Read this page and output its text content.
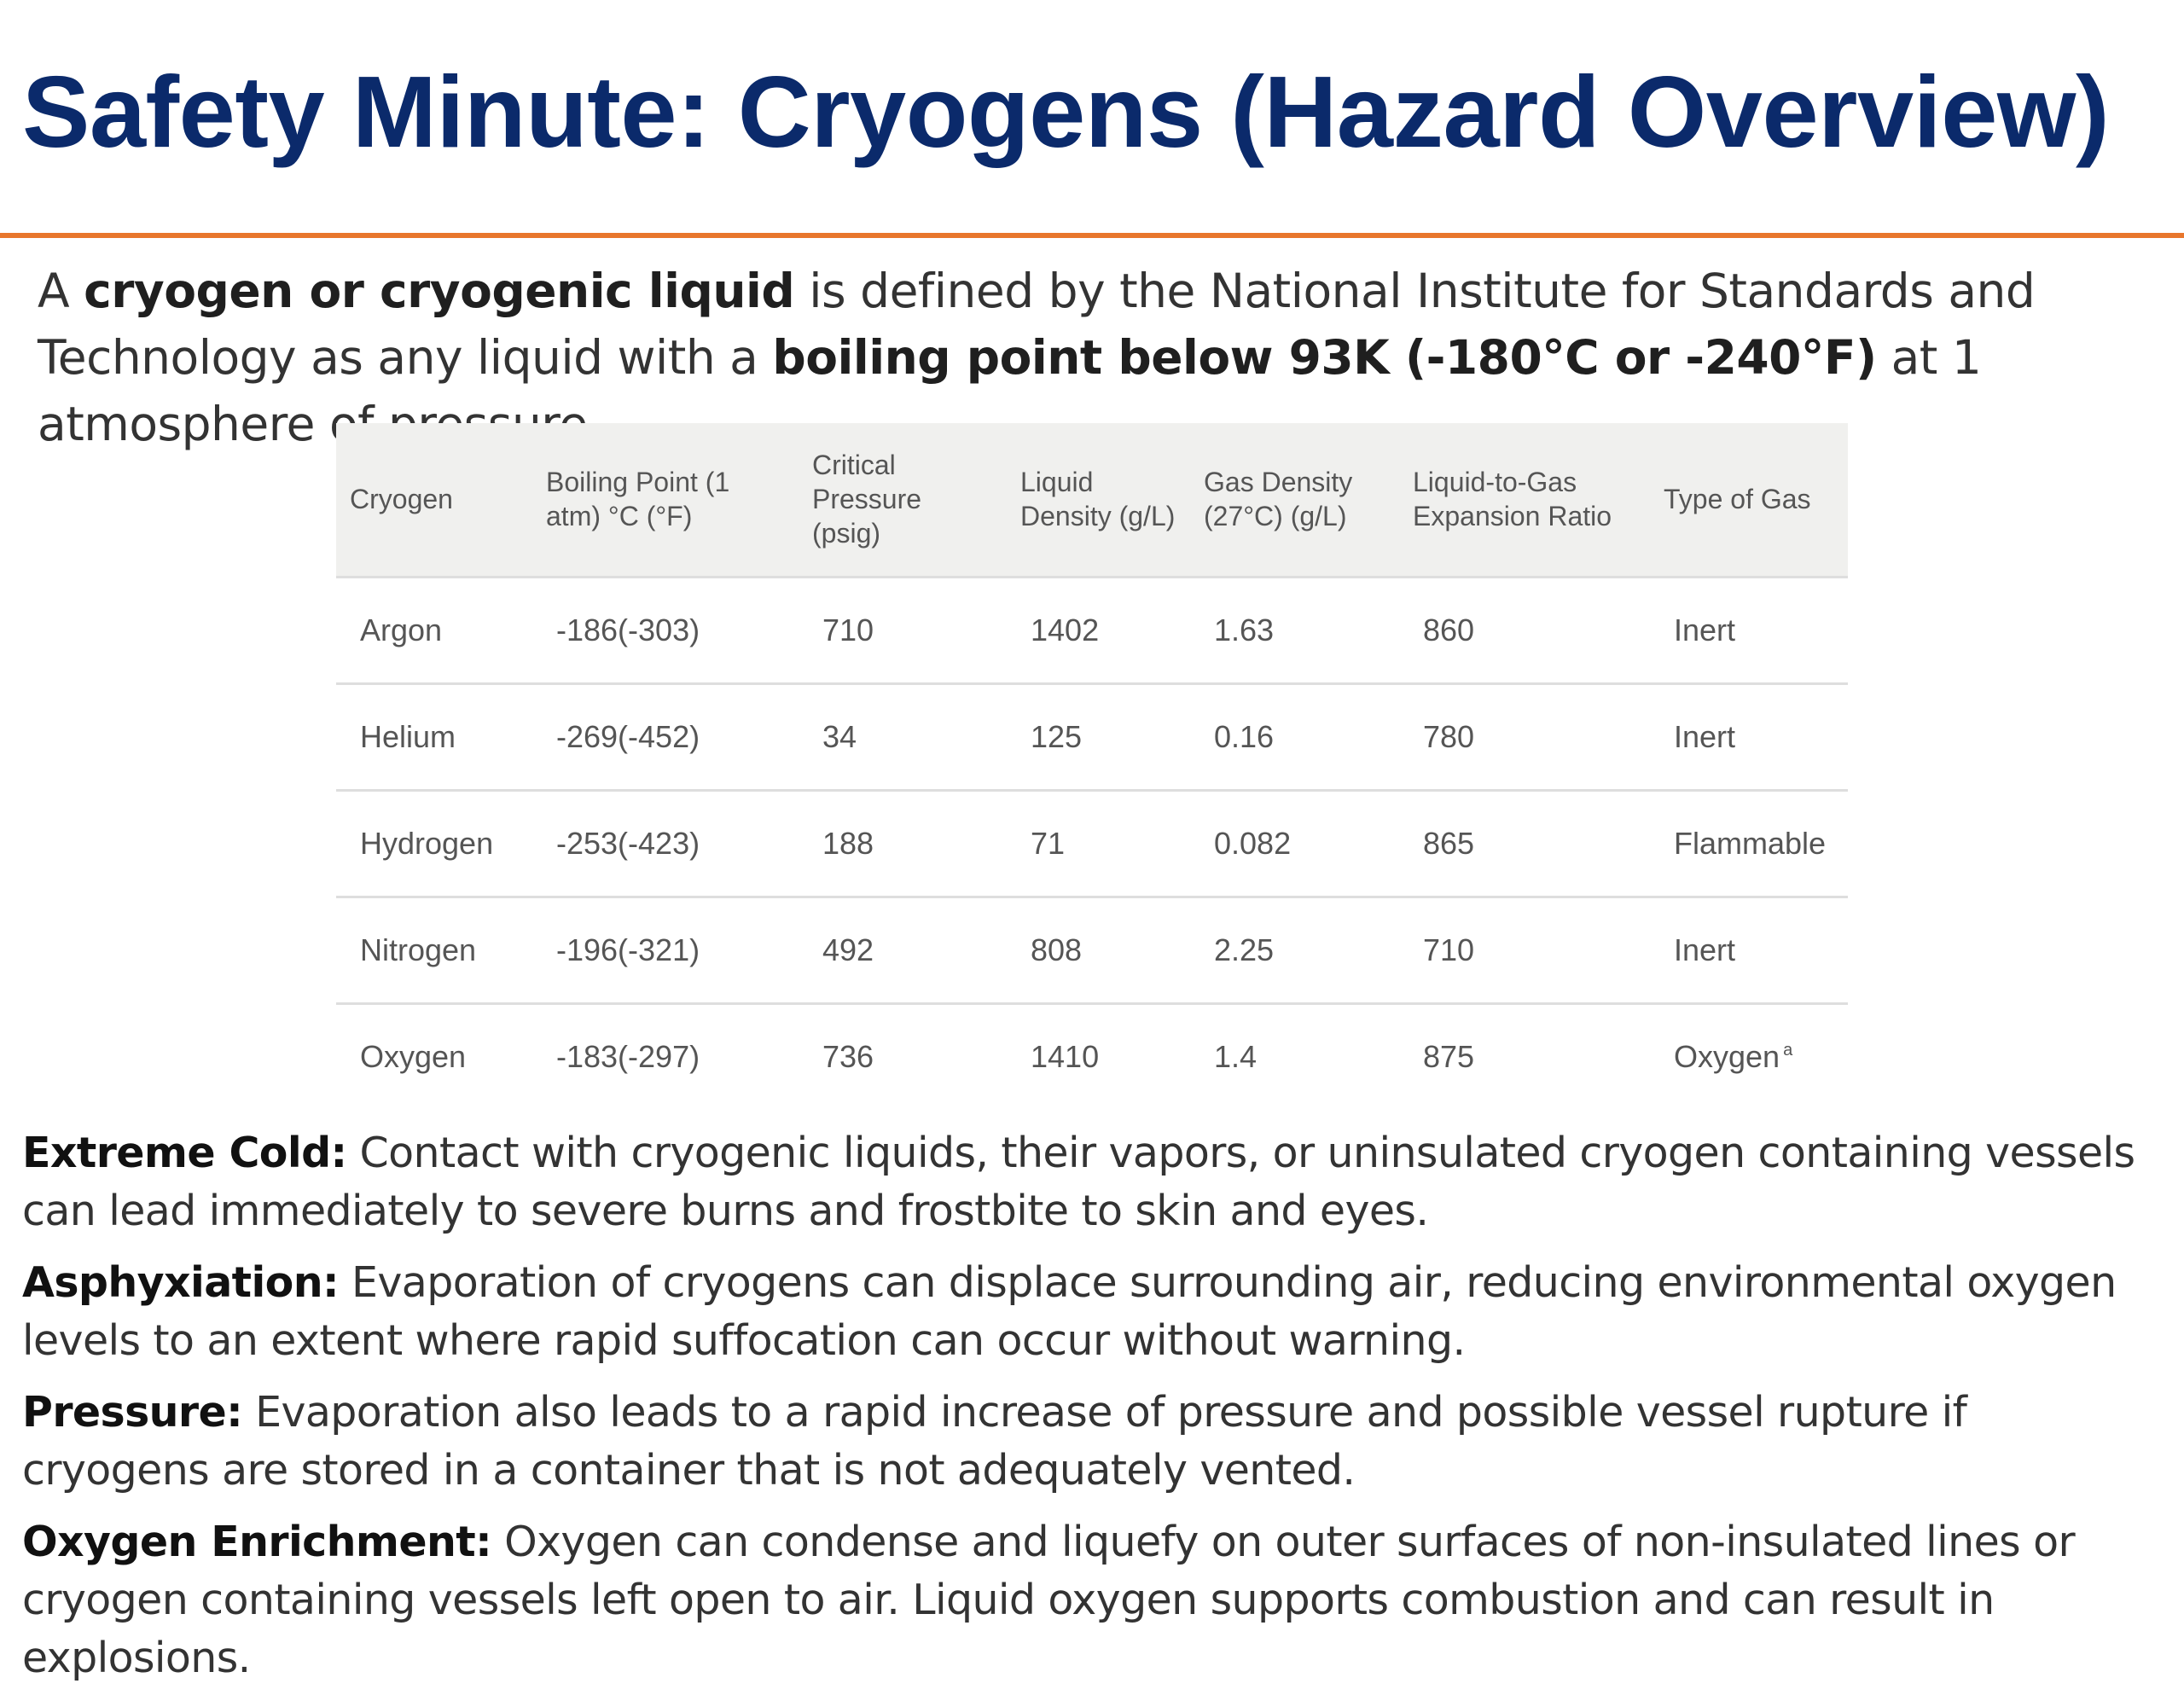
Safety Minute: Cryogens (Hazard Overview)

A cryogen or cryogenic liquid is defined by the National Institute for Standards and Technology as any liquid with a boiling point below 93K (-180°C or -240°F) at 1 atmosphere of pressure.

Cryogen	Boiling Point (1 atm) °C (°F)	Critical Pressure (psig)	Liquid Density (g/L)	Gas Density (27°C) (g/L)	Liquid-to-Gas Expansion Ratio	Type of Gas
Argon	-186(-303)	710	1402	1.63	860	Inert
Helium	-269(-452)	34	125	0.16	780	Inert
Hydrogen	-253(-423)	188	71	0.082	865	Flammable
Nitrogen	-196(-321)	492	808	2.25	710	Inert
Oxygen	-183(-297)	736	1410	1.4	875	Oxygen $^a$

Extreme Cold: Contact with cryogenic liquids, their vapors, or uninsulated cryogen containing vessels can lead immediately to severe burns and frostbite to skin and eyes.

Asphyxiation: Evaporation of cryogens can displace surrounding air, reducing environmental oxygen levels to an extent where rapid suffocation can occur without warning.

Pressure: Evaporation also leads to a rapid increase of pressure and possible vessel rupture if cryogens are stored in a container that is not adequately vented.

Oxygen Enrichment: Oxygen can condense and liquefy on outer surfaces of non-insulated lines or cryogen containing vessels left open to air. Liquid oxygen supports combustion and can result in explosions.
